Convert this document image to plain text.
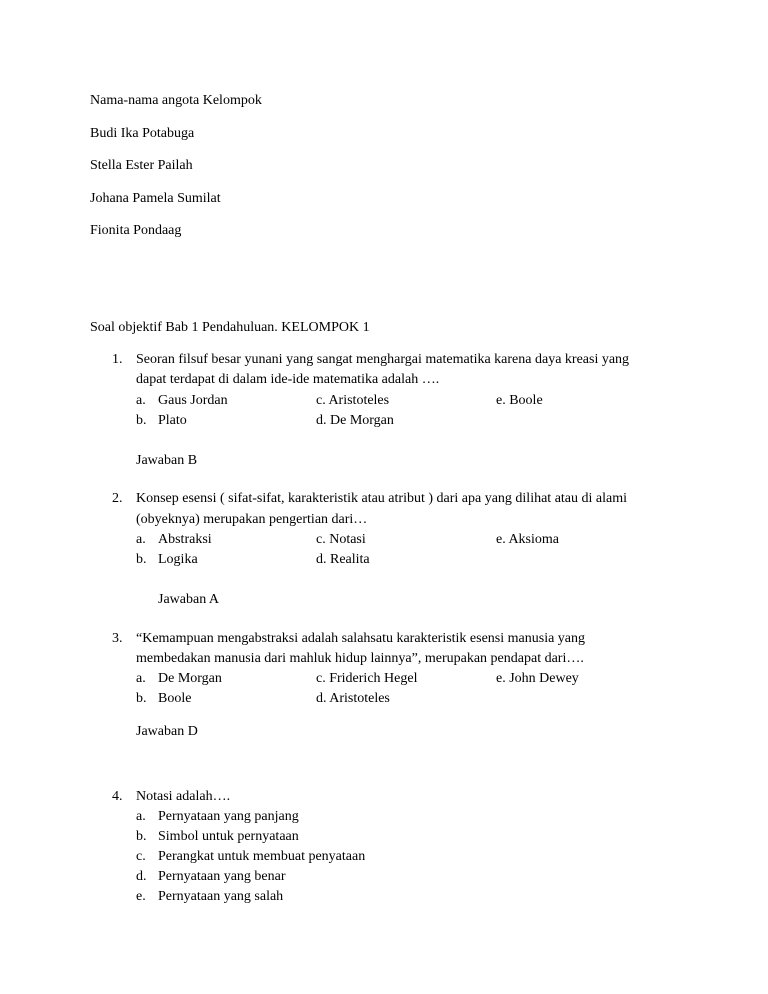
Nama-nama angota Kelompok
Budi Ika Potabuga
Stella Ester Pailah
Johana Pamela Sumilat
Fionita Pondaag
Soal objektif Bab 1 Pendahuluan. KELOMPOK 1
1. Seoran filsuf besar yunani yang sangat menghargai matematika karena daya kreasi yang
dapat terdapat di dalam ide-ide matematika adalah ….
a. Gaus Jordan	c. Aristoteles	e. Boole
b. Plato	d. De Morgan
Jawaban B
2. Konsep esensi ( sifat-sifat, karakteristik atau atribut ) dari apa yang dilihat atau di alami
(obyeknya) merupakan pengertian dari…
a. Abstraksi	c. Notasi	e. Aksioma
b. Logika	d. Realita
Jawaban A
3. “Kemampuan mengabstraksi adalah salahsatu karakteristik esensi manusia yang
membedakan manusia dari mahluk hidup lainnya”, merupakan pendapat dari….
a. De Morgan	c. Friderich Hegel	e. John Dewey
b. Boole	d. Aristoteles
Jawaban D
4. Notasi adalah….
a. Pernyataan yang panjang
b. Simbol untuk pernyataan
c. Perangkat untuk membuat penyataan
d. Pernyataan yang benar
e. Pernyataan yang salah
